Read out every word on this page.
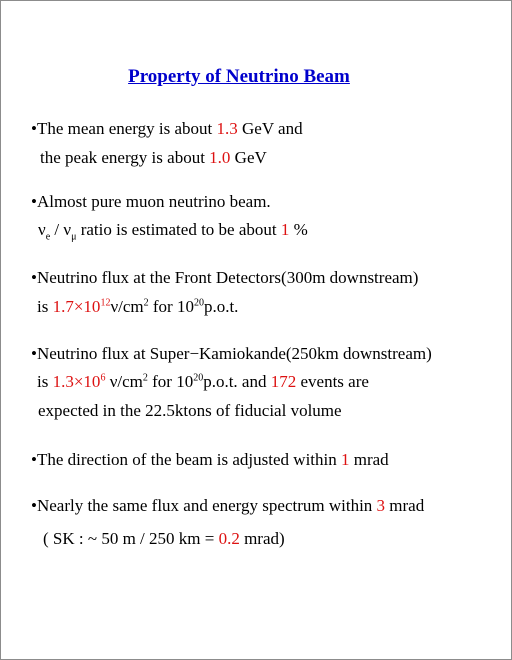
Property of Neutrino Beam
•The mean energy is about 1.3 GeV and
the peak energy is about 1.0 GeV
•Almost pure muon neutrino beam.
$\nu_e / \nu_\mu$ ratio is estimated to be about 1 %
•Neutrino flux at the Front Detectors(300m downstream)
is $1.7\times 10^{12}\nu/cm^2$ for $10^{20}p.o.t$.
•Neutrino flux at Super−Kamiokande(250km downstream)
is $1.3\times 10^6$ $\nu/cm^2$ for $10^{20}p.o.t$. and 172 events are
expected in the 22.5ktons of fiducial volume
•The direction of the beam is adjusted within 1 mrad
•Nearly the same flux and energy spectrum within 3 mrad
( SK : ~ 50 m / 250 km = 0.2 mrad)
